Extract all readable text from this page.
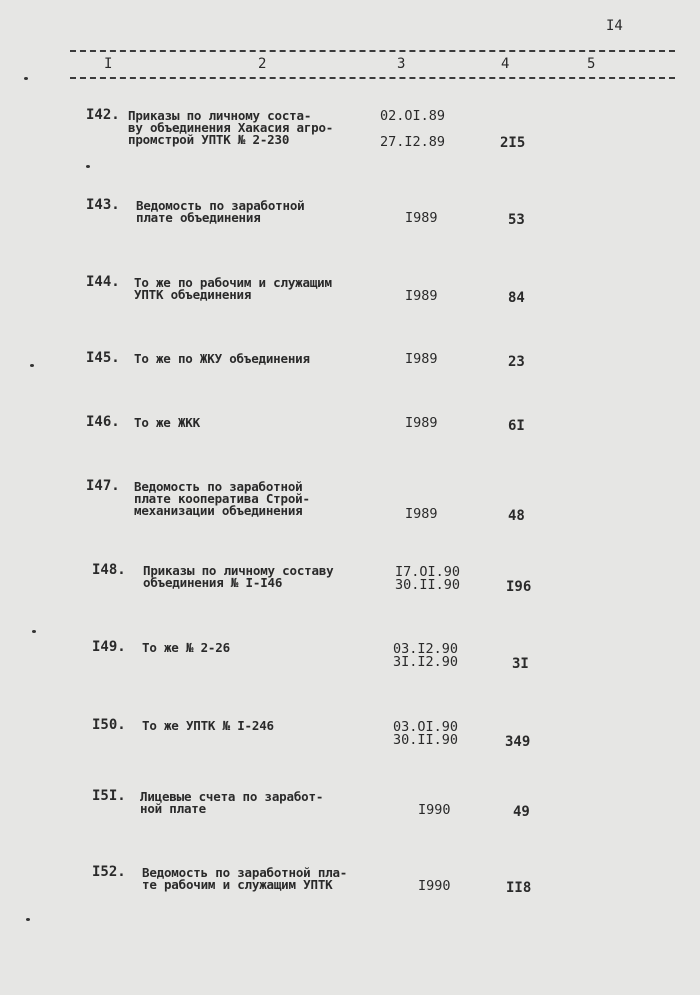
I4
I	2	3	4	5
I42. Приказы по личному соста-
ву объединения Хакасия агро-
промстрой УПТК № 2-230
02.OI.89

27.I2.89	2I5
I43. Ведомость по заработной
плате объединения	I989	53
I44. То же по рабочим и служащим
УПТК объединения	I989	84
I45. То же по ЖКУ объединения	I989	23
I46. То же ЖКК	I989	6I
I47. Ведомость по заработной
плате кооператива Строй-
механизации объединения	I989	48
I48. Приказы по личному составу
объединения № I-I46
I7.OI.90
30.II.90	I96
I49. То же № 2-26	03.I2.90
3I.I2.90	3I
I50. То же УПТК № I-246	03.OI.90
30.II.90	349
I5I. Лицевые счета по заработ-
ной плате	I990	49
I52. Ведомость по заработной пла-
те рабочим и служащим УПТК	I990	II8
